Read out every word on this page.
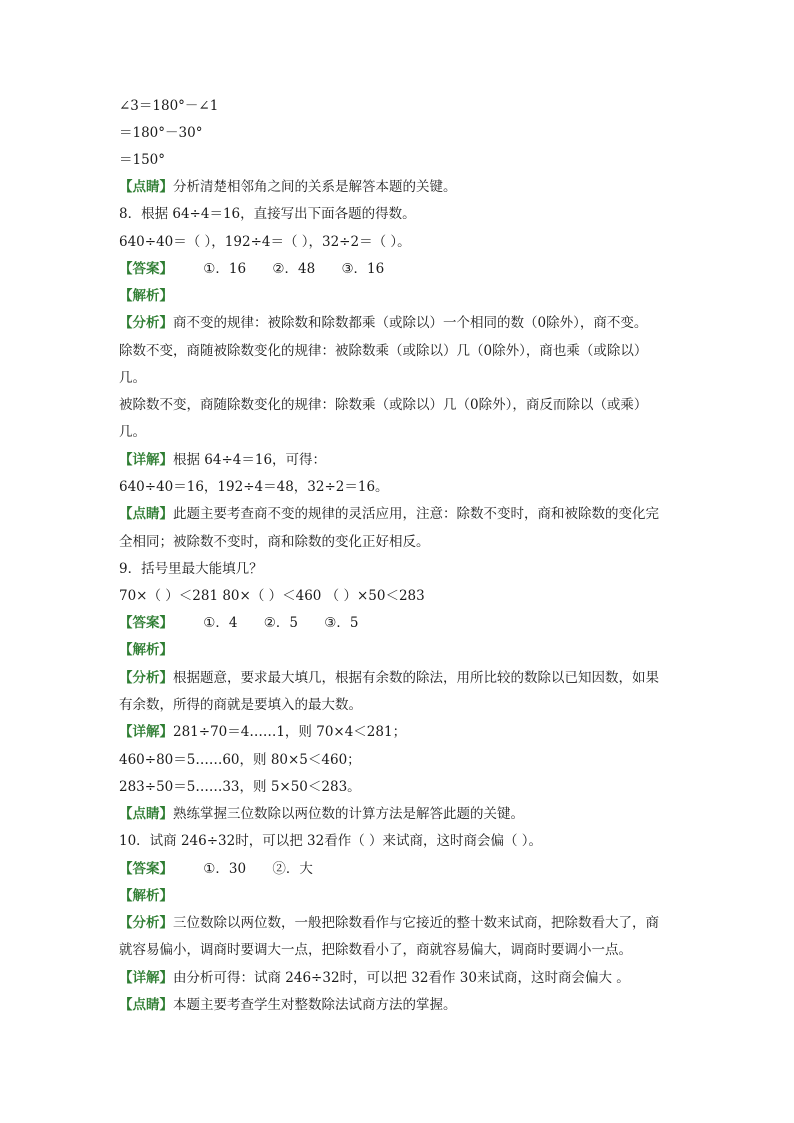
∠3＝180°－∠1
＝180°－30°
＝150°
【点睛】分析清楚相邻角之间的关系是解答本题的关键。
8．根据 64÷4＝16，直接写出下面各题的得数。
640÷40＝（ ），192÷4＝（ ），32÷2＝（ ）。
【答案】 ①．16 ②．48 ③．16
【解析】
【分析】商不变的规律：被除数和除数都乘（或除以）一个相同的数（0除外），商不变。
除数不变，商随被除数变化的规律：被除数乘（或除以）几（0除外），商也乘（或除以）
几。
被除数不变，商随除数变化的规律：除数乘（或除以）几（0除外），商反而除以（或乘）
几。
【详解】根据 64÷4＝16，可得：
640÷40＝16，192÷4＝48，32÷2＝16。
【点睛】此题主要考查商不变的规律的灵活应用，注意：除数不变时，商和被除数的变化完
全相同；被除数不变时，商和除数的变化正好相反。
9．括号里最大能填几？
70×（ ）＜281 80×（ ）＜460 （ ）×50＜283
【答案】 ①．4 ②．5 ③．5
【解析】
【分析】根据题意，要求最大填几，根据有余数的除法，用所比较的数除以已知因数，如果
有余数，所得的商就是要填入的最大数。
【详解】281÷70＝4……1，则 70×4＜281；
460÷80＝5……60，则 80×5＜460；
283÷50＝5……33，则 5×50＜283。
【点睛】熟练掌握三位数除以两位数的计算方法是解答此题的关键。
10．试商 246÷32时，可以把 32看作（ ）来试商，这时商会偏（ ）。
【答案】 ①．30 ②．大
【解析】
【分析】三位数除以两位数，一般把除数看作与它接近的整十数来试商，把除数看大了，商
就容易偏小，调商时要调大一点，把除数看小了，商就容易偏大，调商时要调小一点。
【详解】由分析可得：试商 246÷32时，可以把 32看作 30来试商，这时商会偏大 。
【点睛】本题主要考查学生对整数除法试商方法的掌握。
